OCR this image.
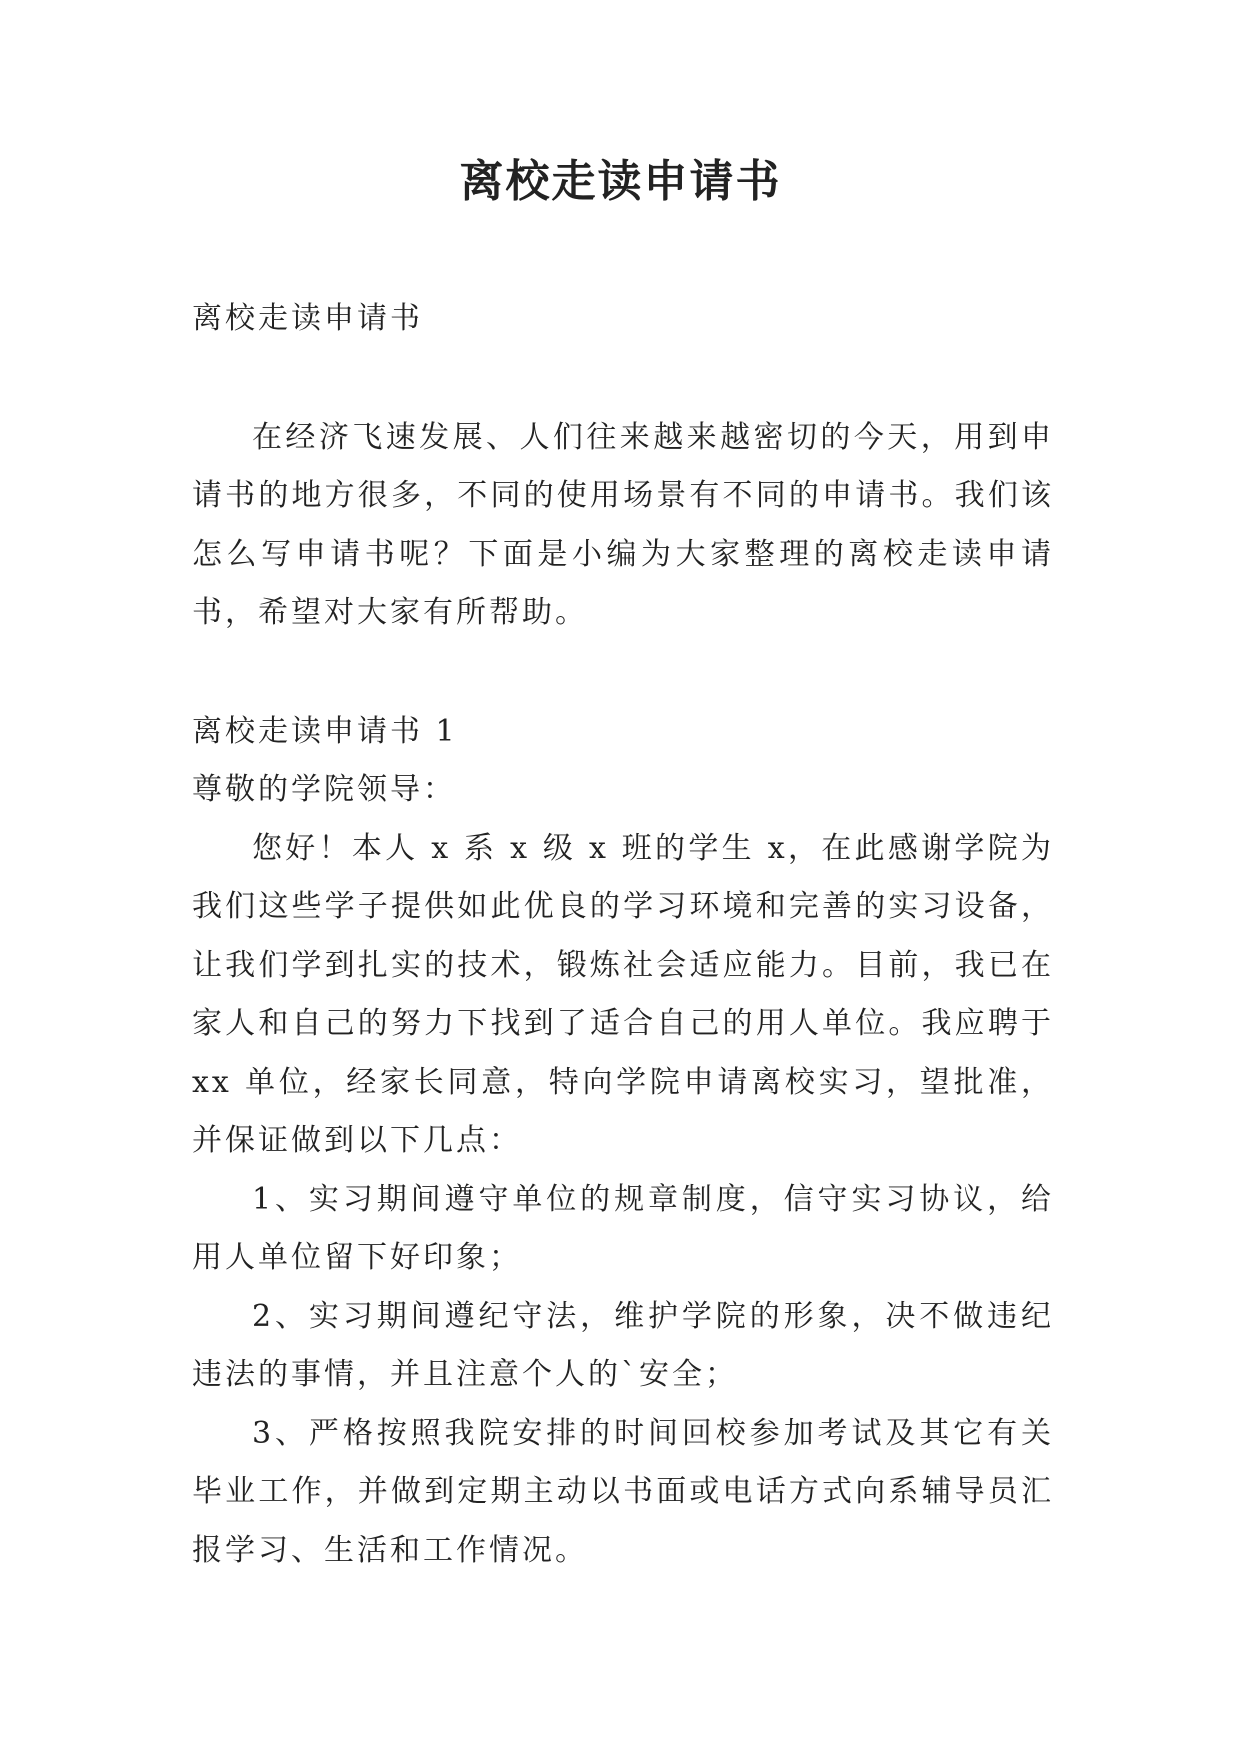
离校走读申请书

离校走读申请书

在经济飞速发展、人们往来越来越密切的今天，用到申请书的地方很多，不同的使用场景有不同的申请书。我们该怎么写申请书呢？下面是小编为大家整理的离校走读申请书，希望对大家有所帮助。

离校走读申请书 1

尊敬的学院领导：

您好！本人 x 系 x 级 x 班的学生 x，在此感谢学院为我们这些学子提供如此优良的学习环境和完善的实习设备，让我们学到扎实的技术，锻炼社会适应能力。目前，我已在家人和自己的努力下找到了适合自己的用人单位。我应聘于 xx 单位，经家长同意，特向学院申请离校实习，望批准，并保证做到以下几点：

1、实习期间遵守单位的规章制度，信守实习协议，给用人单位留下好印象；

2、实习期间遵纪守法，维护学院的形象，决不做违纪违法的事情，并且注意个人的`安全；

3、严格按照我院安排的时间回校参加考试及其它有关毕业工作，并做到定期主动以书面或电话方式向系辅导员汇报学习、生活和工作情况。
